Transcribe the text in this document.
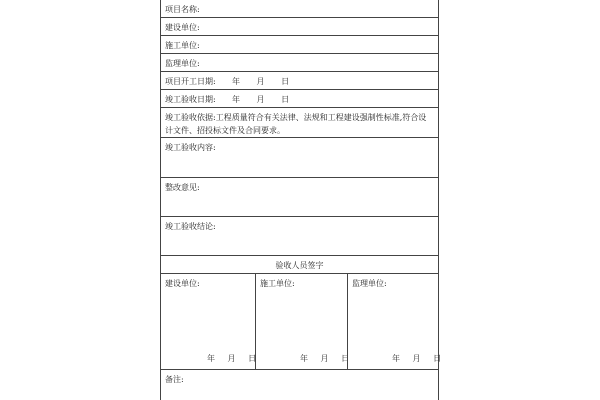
项目名称:
建设单位:
施工单位:
监理单位:
项目开工日期: 年 月 日
竣工验收日期: 年 月 日
竣工验收依据:工程质量符合有关法律、法规和工程建设强制性标准,符合设计文件、招投标文件及合同要求。
竣工验收内容:
整改意见:
竣工验收结论:
验收人员签字
建设单位:
年 月 日
施工单位:
年 月 日
监理单位:
年 月 日
备注:
